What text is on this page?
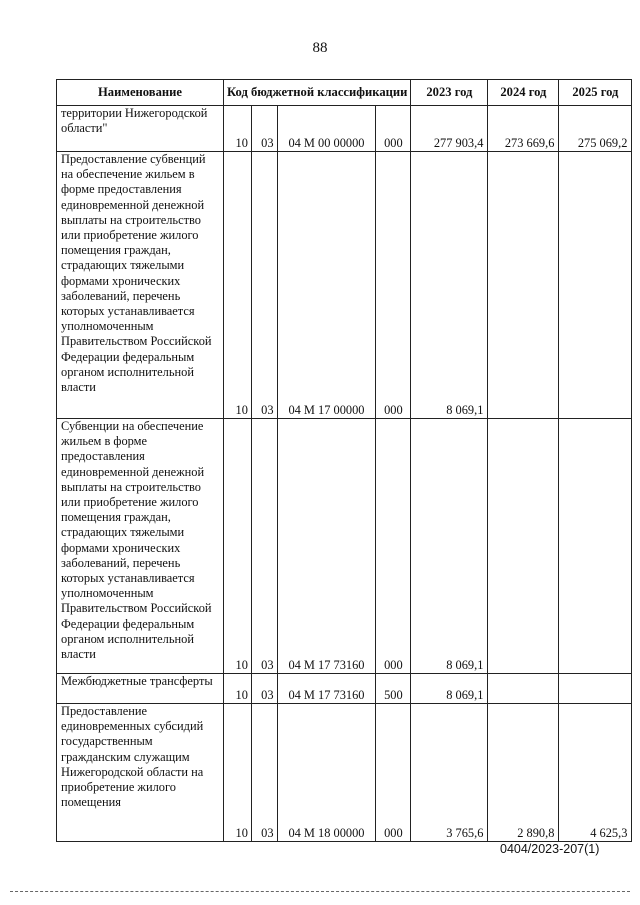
88
Наименование	Код бюджетной классификации				2023 год	2024 год	2025 год
территории Нижегородской области"	10	03	04 М 00 00000	000	277 903,4	273 669,6	275 069,2
Предоставление субвенций на обеспечение жильем в форме предоставления единовременной денежной выплаты на строительство или приобретение жилого помещения граждан, страдающих тяжелыми формами хронических заболеваний, перечень которых устанавливается уполномоченным Правительством Российской Федерации федеральным органом исполнительной власти	10	03	04 М 17 00000	000	8 069,1		
Субвенции на обеспечение жильем в форме предоставления единовременной денежной выплаты на строительство или приобретение жилого помещения граждан, страдающих тяжелыми формами хронических заболеваний, перечень которых устанавливается уполномоченным Правительством Российской Федерации федеральным органом исполнительной власти	10	03	04 М 17 73160	000	8 069,1		
Межбюджетные трансферты	10	03	04 М 17 73160	500	8 069,1		
Предоставление единовременных субсидий государственным гражданским служащим Нижегородской области на приобретение жилого помещения	10	03	04 М 18 00000	000	3 765,6	2 890,8	4 625,3
0404/2023-207(1)
